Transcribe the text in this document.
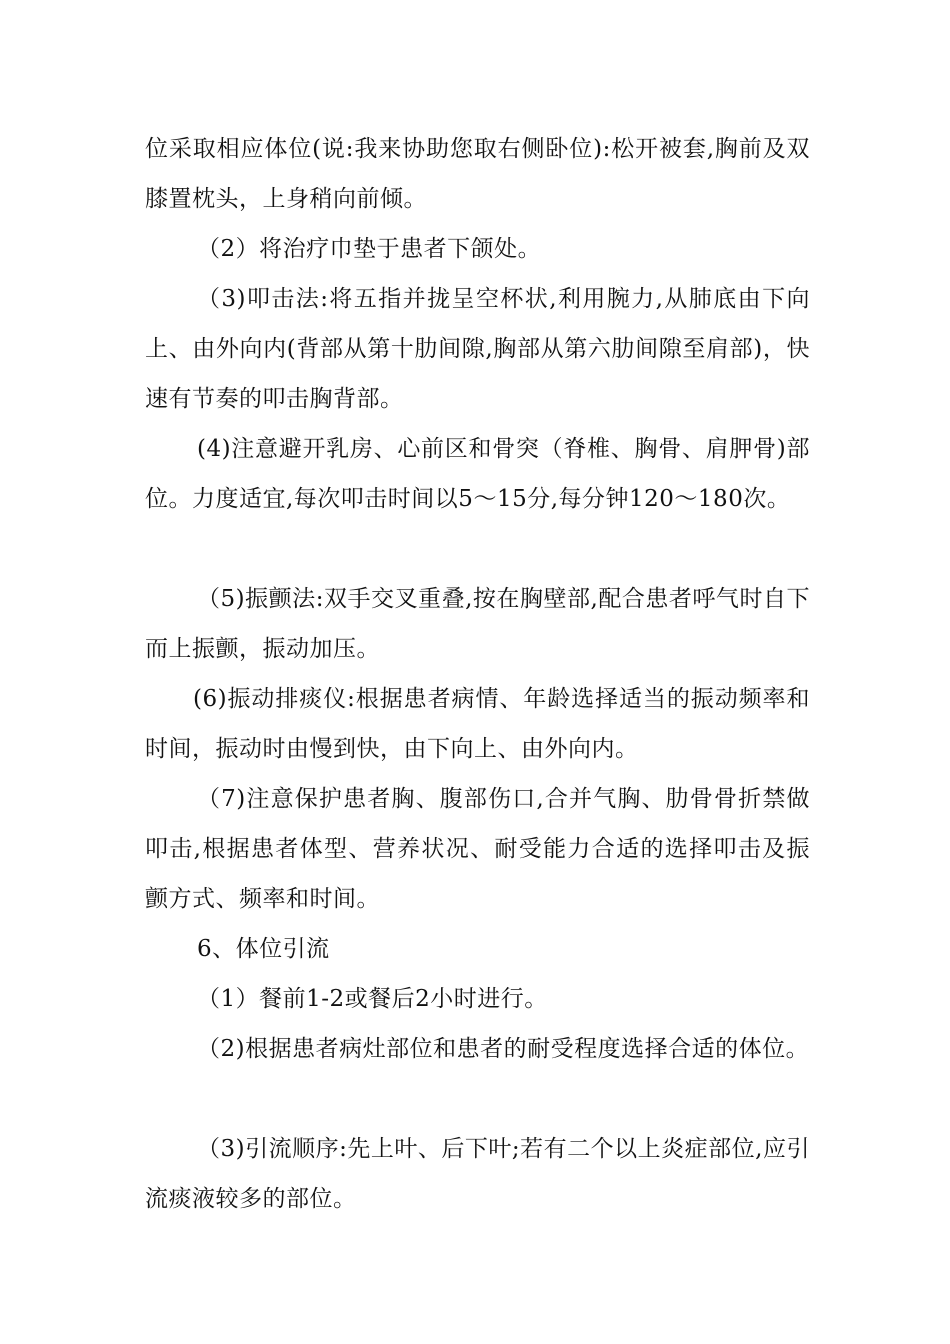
位采取相应体位(说:我来协助您取右侧卧位):松开被套,胸前及双膝置枕头，上身稍向前倾。

（2）将治疗巾垫于患者下颌处。

（3)叩击法:将五指并拢呈空杯状,利用腕力,从肺底由下向上、由外向内(背部从第十肋间隙,胸部从第六肋间隙至肩部)，快速有节奏的叩击胸背部。

(4)注意避开乳房、心前区和骨突（脊椎、胸骨、肩胛骨)部位。力度适宜,每次叩击时间以5～15分,每分钟120～180次。

（5)振颤法:双手交叉重叠,按在胸壁部,配合患者呼气时自下而上振颤，振动加压。

(6)振动排痰仪:根据患者病情、年龄选择适当的振动频率和时间，振动时由慢到快，由下向上、由外向内。

（7)注意保护患者胸、腹部伤口,合并气胸、肋骨骨折禁做叩击,根据患者体型、营养状况、耐受能力合适的选择叩击及振颤方式、频率和时间。

6、体位引流

（1）餐前1-2或餐后2小时进行。

（2)根据患者病灶部位和患者的耐受程度选择合适的体位。

（3)引流顺序:先上叶、后下叶;若有二个以上炎症部位,应引流痰液较多的部位。
